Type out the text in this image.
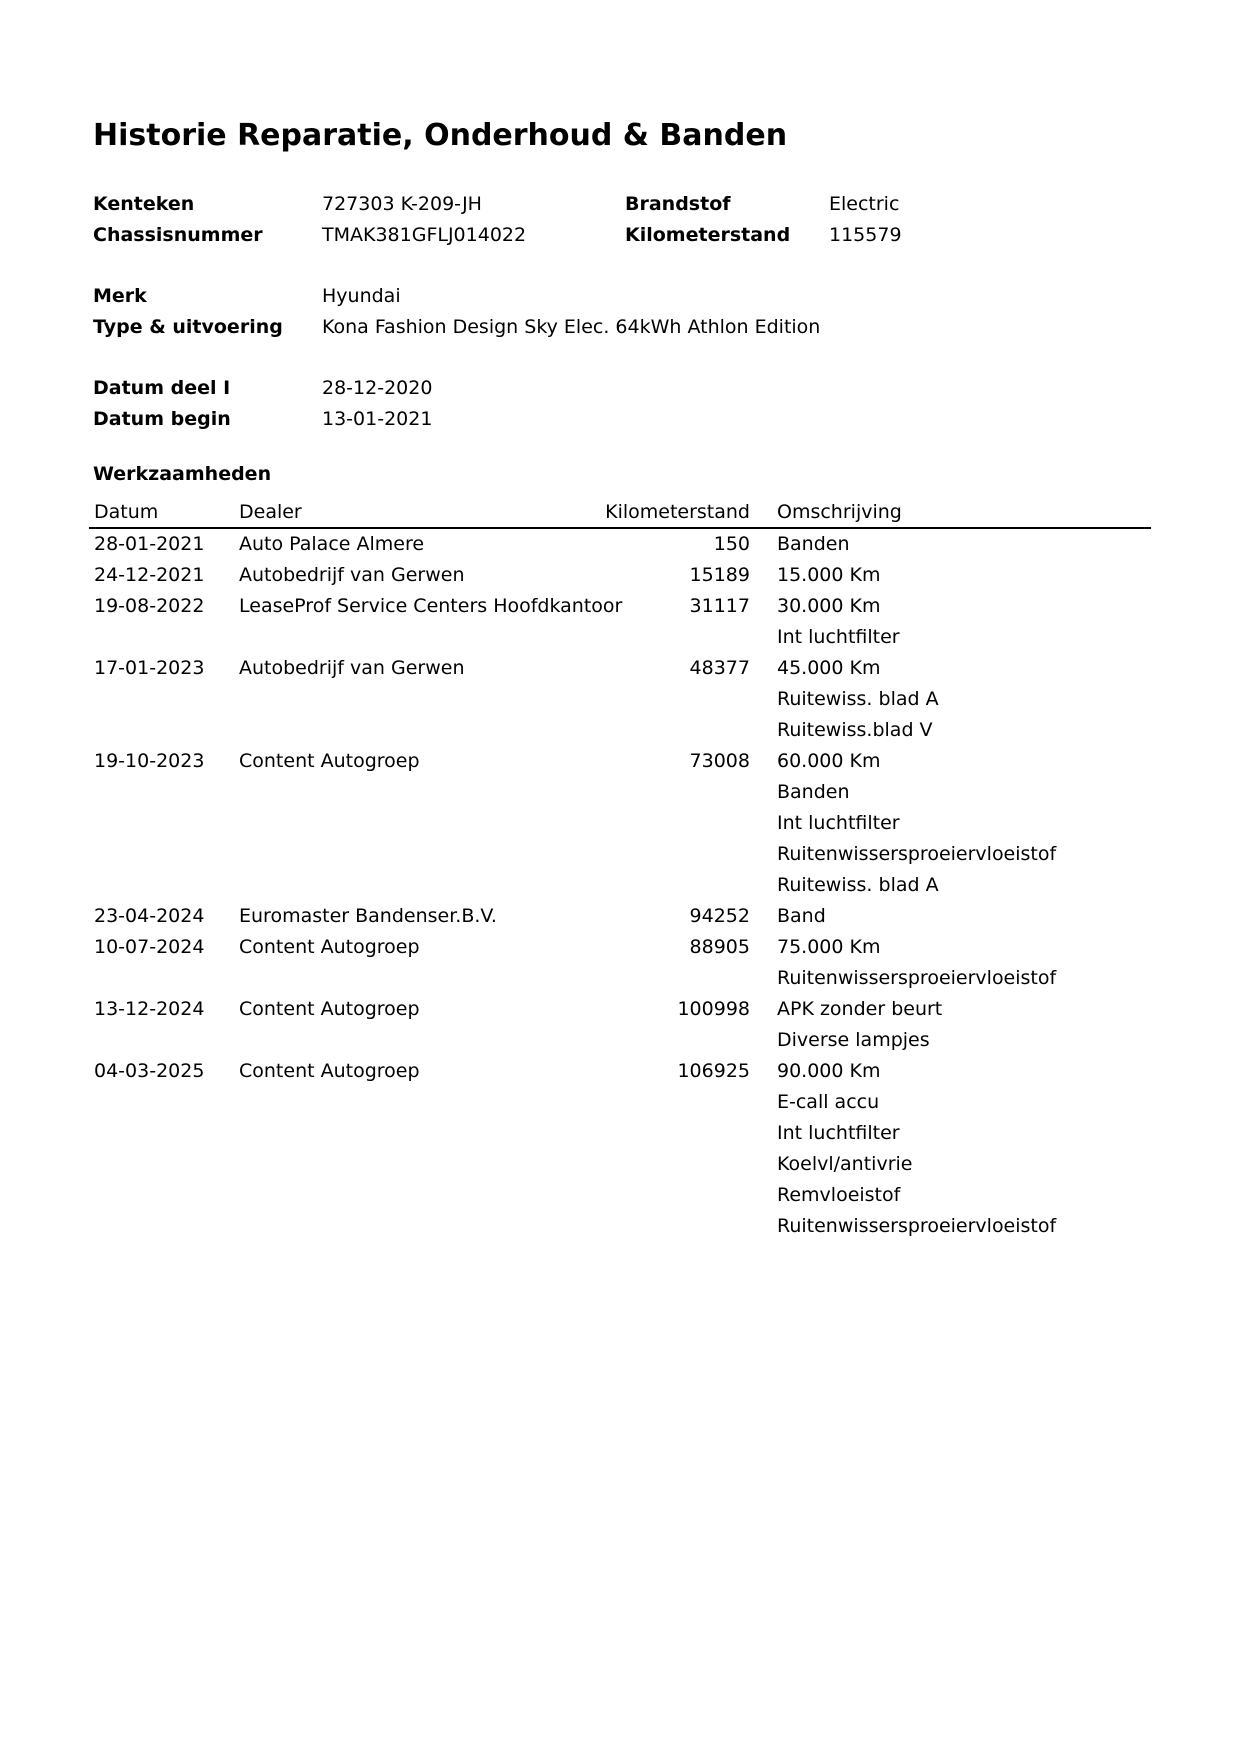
Historie Reparatie, Onderhoud & Banden
Kenteken	727303 K-209-JH	Brandstof	Electric
Chassisnummer	TMAK381GFLJ014022	Kilometerstand 115579
Merk	Hyundai
Type & uitvoering Kona Fashion Design Sky Elec. 64kWh Athlon Edition
Datum deel I	28-12-2020
Datum begin	13-01-2021
Werkzaamheden
Datum	Dealer	Kilometerstand Omschrijving
28-01-2021 Auto Palace Almere	150 Banden
24-12-2021 Autobedrijf van Gerwen	15189 15.000 Km
19-08-2022 LeaseProf Service Centers Hoofdkantoor	31117 30.000 Km
Int luchtfilter
17-01-2023 Autobedrijf van Gerwen	48377 45.000 Km
Ruitewiss. blad A
Ruitewiss.blad V
19-10-2023 Content Autogroep	73008 60.000 Km
Banden
Int luchtfilter
Ruitenwissersproeiervloeistof
Ruitewiss. blad A
23-04-2024 Euromaster Bandenser.B.V.	94252 Band
10-07-2024 Content Autogroep	88905 75.000 Km
Ruitenwissersproeiervloeistof
13-12-2024 Content Autogroep	100998 APK zonder beurt
Diverse lampjes
04-03-2025 Content Autogroep	106925 90.000 Km
E-call accu
Int luchtfilter
Koelvl/antivrie
Remvloeistof
Ruitenwissersproeiervloeistof
